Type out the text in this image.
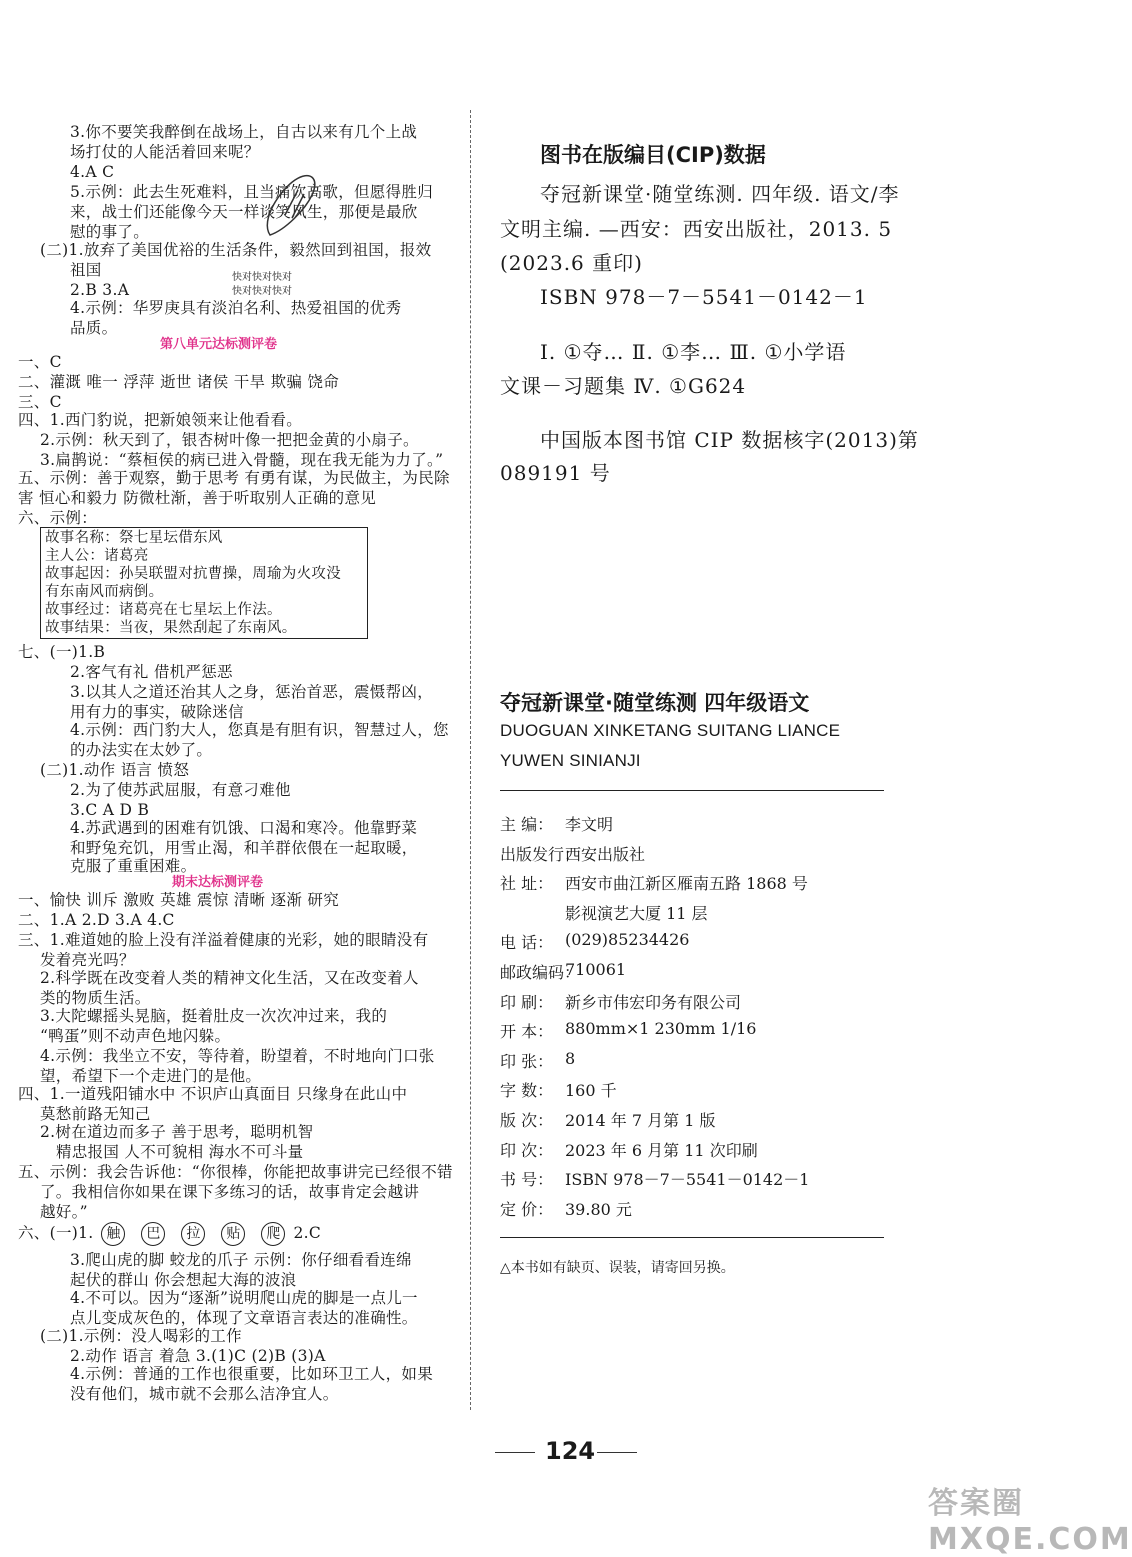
3.你不要笑我醉倒在战场上，自古以来有几个上战
场打仗的人能活着回来呢？
4.A C
5.示例：此去生死难料，且当痛饮高歌，但愿得胜归
来，战士们还能像今天一样谈笑风生，那便是最欣
慰的事了。
(二)1.放弃了美国优裕的生活条件，毅然回到祖国，报效
祖国
2.B 3.A
4.示例：华罗庚具有淡泊名利、热爱祖国的优秀
品质。
一、C
二、灌溉 唯一 浮萍 逝世 诸侯 干旱 欺骗 饶命
三、C
四、1.西门豹说，把新娘领来让他看看。
2.示例：秋天到了，银杏树叶像一把把金黄的小扇子。
3.扁鹊说：“蔡桓侯的病已进入骨髓，现在我无能为力了。”
五、示例：善于观察，勤于思考 有勇有谋，为民做主，为民除
害 恒心和毅力 防微杜渐，善于听取别人正确的意见
六、示例：
七、(一)1.B
2.客气有礼 借机严惩恶
3.以其人之道还治其人之身，惩治首恶，震慑帮凶，
用有力的事实，破除迷信
4.示例：西门豹大人，您真是有胆有识，智慧过人，您
的办法实在太妙了。
(二)1.动作 语言 愤怒
2.为了使苏武屈服，有意刁难他
3.C A D B
4.苏武遇到的困难有饥饿、口渴和寒冷。他靠野菜
和野兔充饥，用雪止渴，和羊群依偎在一起取暖，
克服了重重困难。
一、愉快 训斥 激败 英雄 震惊 清晰 逐渐 研究
二、1.A 2.D 3.A 4.C
三、1.难道她的脸上没有洋溢着健康的光彩，她的眼睛没有
发着亮光吗？
2.科学既在改变着人类的精神文化生活，又在改变着人
类的物质生活。
3.大陀螺摇头晃脑，挺着肚皮一次次冲过来，我的
“鸭蛋”则不动声色地闪躲。
4.示例：我坐立不安，等待着，盼望着，不时地向门口张
望，希望下一个走进门的是他。
四、1.一道残阳铺水中 不识庐山真面目 只缘身在此山中
莫愁前路无知己
2.树在道边而多子 善于思考，聪明机智
精忠报国 人不可貌相 海水不可斗量
五、示例：我会告诉他：“你很棒，你能把故事讲完已经很不错
了。我相信你如果在课下多练习的话，故事肯定会越讲
越好。”
3.爬山虎的脚 蛟龙的爪子 示例：你仔细看看连绵
起伏的群山 你会想起大海的波浪
4.不可以。因为“逐渐”说明爬山虎的脚是一点儿一
点儿变成灰色的，体现了文章语言表达的准确性。
(二)1.示例：没人喝彩的工作
2.动作 语言 着急 3.(1)C (2)B (3)A
4.示例：普通的工作也很重要，比如环卫工人，如果
没有他们，城市就不会那么洁净宜人。
第八单元达标测评卷
期末达标测评卷
故事名称：祭七星坛借东风
主人公：诸葛亮
故事起因：孙吴联盟对抗曹操，周瑜为火攻没
有东南风而病倒。
故事经过：诸葛亮在七星坛上作法。
故事结果：当夜，果然刮起了东南风。
六、(一)1. 触 巴 拉 贴 爬 2.C
快对快对快对
快对快对快对
图书在版编目(CIP)数据
夺冠新课堂·随堂练测. 四年级. 语文/李
文明主编. —西安：西安出版社，2013. 5
(2023.6 重印)
ISBN 978－7－5541－0142－1
Ⅰ. ①夺… Ⅱ. ①李… Ⅲ. ①小学语
文课－习题集 Ⅳ. ①G624
中国版本图书馆 CIP 数据核字(2013)第
089191 号
夺冠新课堂·随堂练测 四年级语文
DUOGUAN XINKETANG SUITANG LIANCE
YUWEN SINIANJI
主 编： 李文明
出版发行：
西安出版社
社 址： 西安市曲江新区雁南五路 1868 号
影视演艺大厦 11 层
电 话： (029)85234426
邮政编码：
710061
印 刷： 新乡市伟宏印务有限公司
开 本： 880mm×1 230mm 1/16
印 张： 8
字 数： 160 千
版 次： 2014 年 7 月第 1 版
印 次： 2023 年 6 月第 11 次印刷
书 号： ISBN 978－7－5541－0142－1
定 价： 39.80 元
△本书如有缺页、误装，请寄回另换。
124
答案圈 MXQE.COM
